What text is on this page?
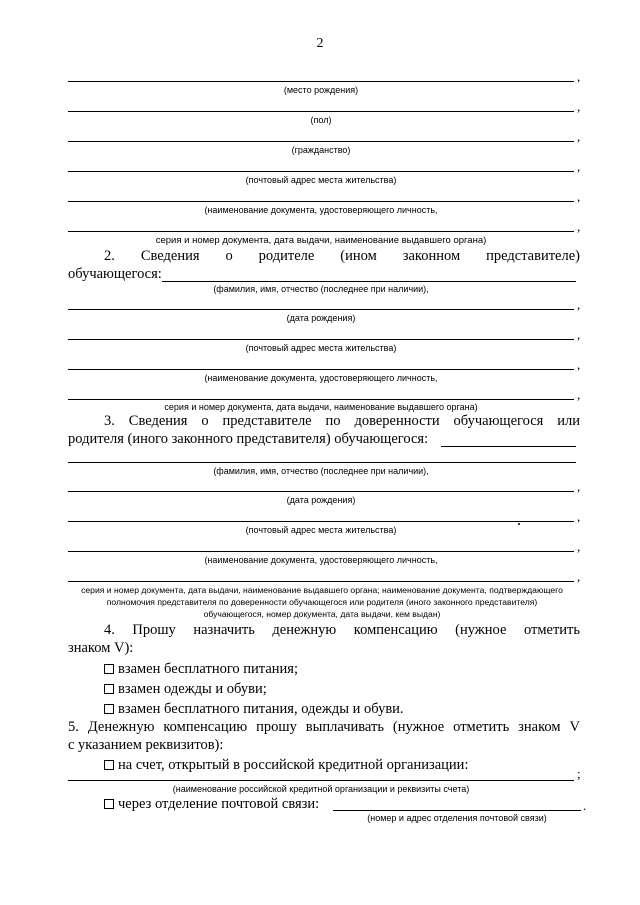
2
,
(место рождения)
,
(пол)
,
(гражданство)
,
(почтовый адрес места жительства)
,
(наименование документа, удостоверяющего личность,
,
серия и номер документа, дата выдачи, наименование выдавшего органа)
2. Сведения о родителе (ином законном представителе)
обучающегося:
(фамилия, имя, отчество (последнее при наличии),
,
(дата рождения)
,
(почтовый адрес места жительства)
,
(наименование документа, удостоверяющего личность,
,
серия и номер документа, дата выдачи, наименование выдавшего органа)
3. Сведения о представителе по доверенности обучающегося или
родителя (иного законного представителя) обучающегося:
(фамилия, имя, отчество (последнее при наличии),
,
(дата рождения)
,
(почтовый адрес места жительства)
,
(наименование документа, удостоверяющего личность,
,
серия и номер документа, дата выдачи, наименование выдавшего органа; наименование документа, подтверждающего
полномочия представителя по доверенности обучающегося или родителя (иного законного представителя)
обучающегося, номер документа, дата выдачи, кем выдан)
4. Прошу назначить денежную компенсацию (нужное отметить
знаком V):
взамен бесплатного питания;
взамен одежды и обуви;
взамен бесплатного питания, одежды и обуви.
5. Денежную компенсацию прошу выплачивать (нужное отметить знаком V
с указанием реквизитов):
на счет, открытый в российской кредитной организации:
;
(наименование российской кредитной организации и реквизиты счета)
через отделение почтовой связи:	.
(номер и адрес отделения почтовой связи)
